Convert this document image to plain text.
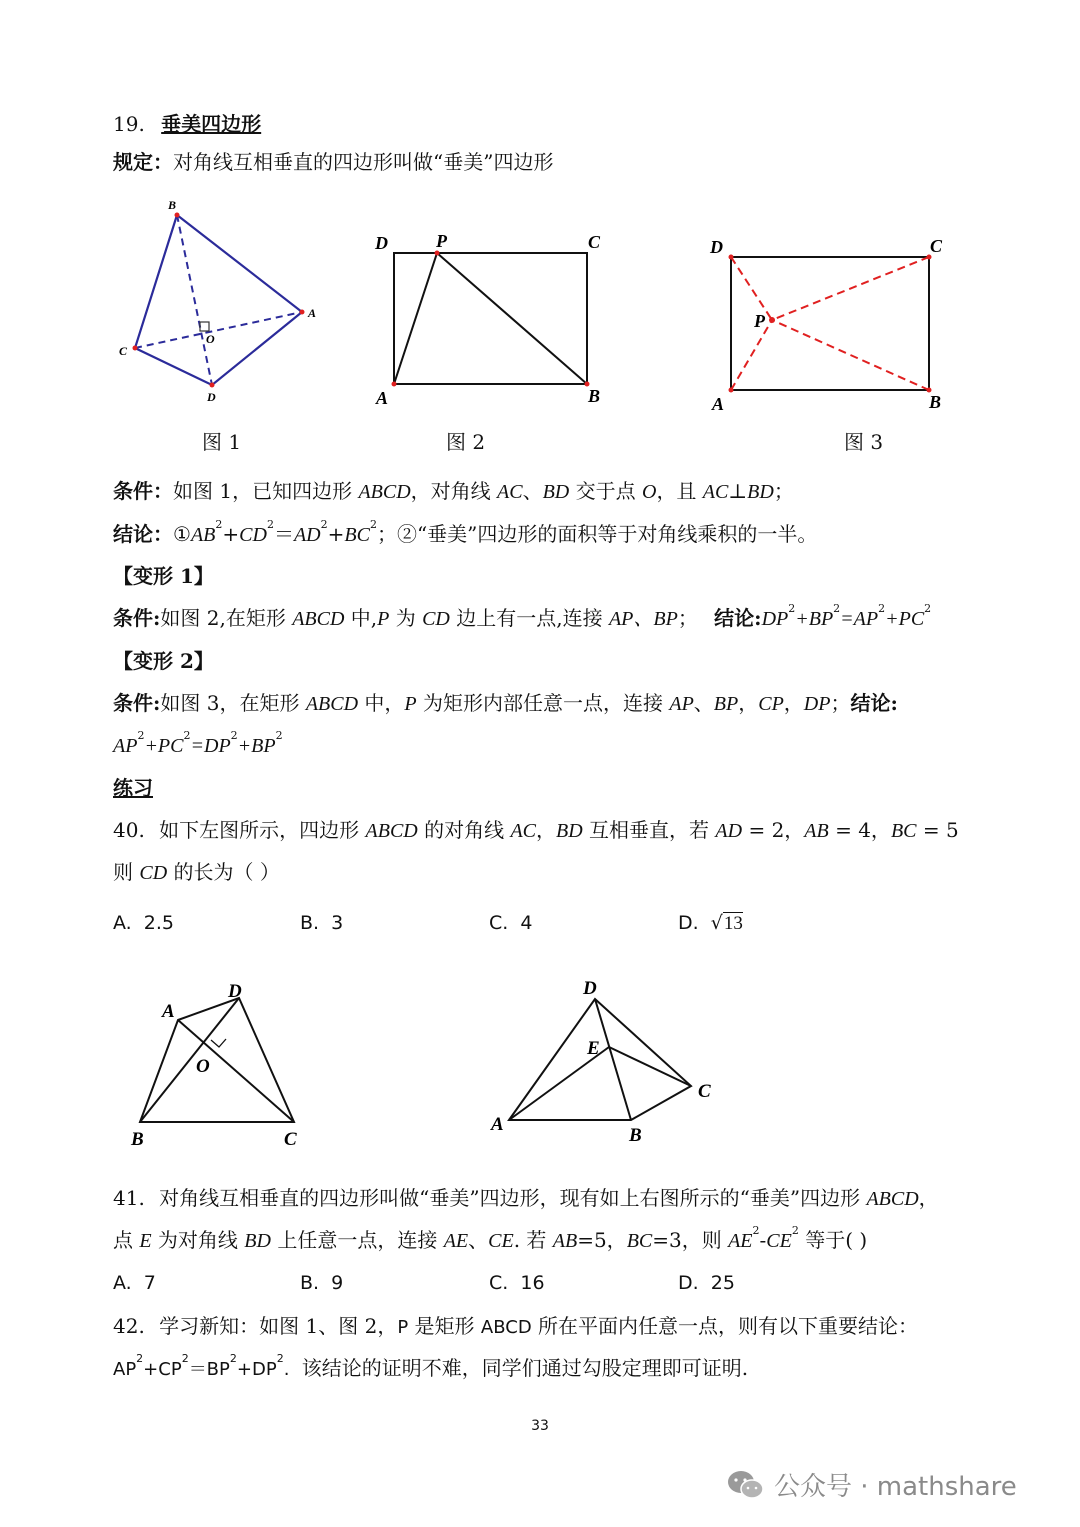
19. 垂美四边形
规定：对角线互相垂直的四边形叫做“垂美”四边形
B
A
C
O
D
图 1
D	P	C
A	B
图 2
D	C
P
A	B
图 3
条件：如图 1，已知四边形 ABCD，对角线 AC、BD 交于点 O，且 AC⊥BD；
结论：$①AB^2+CD^2=AD^2+BC^2$；②“垂美”四边形的面积等于对角线乘积的一半。
【变形 1】
条件:如图 2,在矩形 ABCD 中,P 为 CD 边上有一点,连接 AP、BP； 结论$:DP^2+BP^2=AP^2+PC^2$
【变形 2】
条件:如图 3，在矩形 ABCD 中，P 为矩形内部任意一点，连接 AP、BP，CP，DP；结论:
$AP^2+PC^2=DP^2+BP^2$
练习
40. 如下左图所示，四边形 ABCD 的对角线 AC，BD 互相垂直，若 AD = 2，AB = 4，BC = 5
则 CD 的长为（ ）
A. 2.5	B. 3	C. 4	D. √13
A
D
O
B	C
D
E
C
A
B
41. 对角线互相垂直的四边形叫做“垂美”四边形，现有如上右图所示的“垂美”四边形 ABCD，
点 E 为对角线 BD 上任意一点，连接 AE、CE. 若 AB=5，BC=3，则 $AE^2-CE^2$ 等于( )
A. 7	B. 9	C. 16	D. 25
42. 学习新知：如图 1、图 2，P 是矩形 ABCD 所在平面内任意一点，则有以下重要结论：
$AP^2+CP^2=BP^2+DP^2$. 该结论的证明不难，同学们通过勾股定理即可证明.
33
公众号 · mathshare
